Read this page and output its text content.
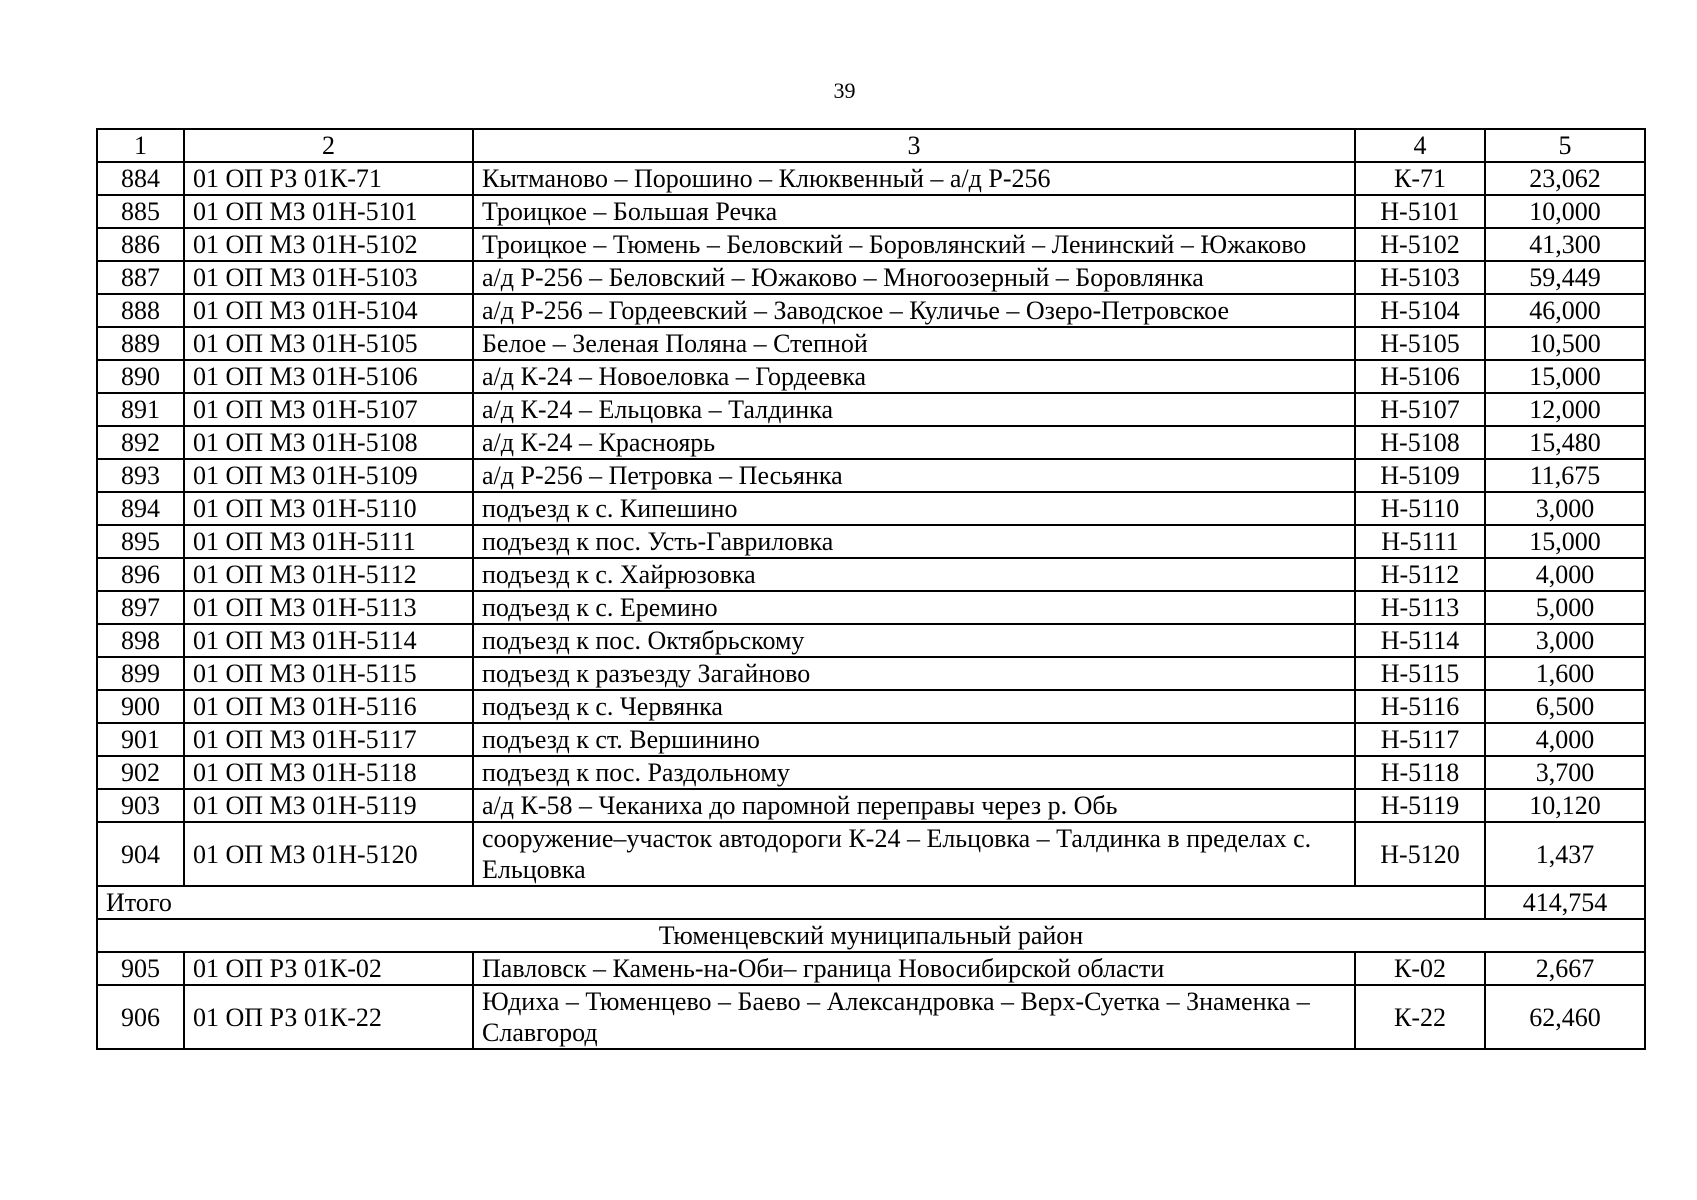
39
1	2	3	4	5
884	01 ОП РЗ 01К-71	Кытманово – Порошино – Клюквенный – а/д Р-256	К-71	23,062
885	01 ОП МЗ 01Н-5101	Троицкое – Большая Речка	Н-5101	10,000
886	01 ОП МЗ 01Н-5102	Троицкое – Тюмень – Беловский – Боровлянский – Ленинский – Южаково	Н-5102	41,300
887	01 ОП МЗ 01Н-5103	а/д Р-256 – Беловский – Южаково – Многоозерный – Боровлянка	Н-5103	59,449
888	01 ОП МЗ 01Н-5104	а/д Р-256 – Гордеевский – Заводское – Куличье – Озеро-Петровское	Н-5104	46,000
889	01 ОП МЗ 01Н-5105	Белое – Зеленая Поляна – Степной	Н-5105	10,500
890	01 ОП МЗ 01Н-5106	а/д К-24 – Новоеловка – Гордеевка	Н-5106	15,000
891	01 ОП МЗ 01Н-5107	а/д К-24 – Ельцовка – Талдинка	Н-5107	12,000
892	01 ОП МЗ 01Н-5108	а/д К-24 – Красноярь	Н-5108	15,480
893	01 ОП МЗ 01Н-5109	а/д Р-256 – Петровка – Песьянка	Н-5109	11,675
894	01 ОП МЗ 01Н-5110	подъезд к с. Кипешино	Н-5110	3,000
895	01 ОП МЗ 01Н-5111	подъезд к пос. Усть-Гавриловка	Н-5111	15,000
896	01 ОП МЗ 01Н-5112	подъезд к с. Хайрюзовка	Н-5112	4,000
897	01 ОП МЗ 01Н-5113	подъезд к с. Еремино	Н-5113	5,000
898	01 ОП МЗ 01Н-5114	подъезд к пос. Октябрьскому	Н-5114	3,000
899	01 ОП МЗ 01Н-5115	подъезд к разъезду Загайново	Н-5115	1,600
900	01 ОП МЗ 01Н-5116	подъезд к с. Червянка	Н-5116	6,500
901	01 ОП МЗ 01Н-5117	подъезд к ст. Вершинино	Н-5117	4,000
902	01 ОП МЗ 01Н-5118	подъезд к пос. Раздольному	Н-5118	3,700
903	01 ОП МЗ 01Н-5119	а/д К-58 – Чеканиха до паромной переправы через р. Обь	Н-5119	10,120
904	01 ОП МЗ 01Н-5120	сооружение–участок автодороги К-24 – Ельцовка – Талдинка в пределах с. Ельцовка	Н-5120	1,437
Итого				414,754
Тюменцевский муниципальный район				
905	01 ОП РЗ 01К-02	Павловск – Камень-на-Оби– граница Новосибирской области	К-02	2,667
906	01 ОП РЗ 01К-22	Юдиха – Тюменцево – Баево – Александровка – Верх-Суетка – Знаменка – Славгород	К-22	62,460
